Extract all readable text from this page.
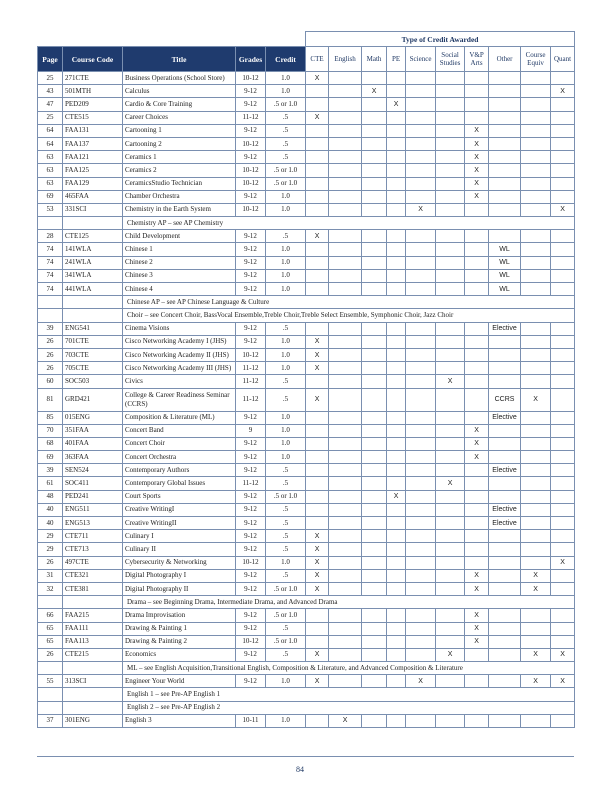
					Type of Credit Awarded									
Page	Course Code	Title	Grades	Credit	CTE	English	Math	PE	Science	Social Studies	V&P Arts	Other	Course Equiv	Quant
25	271CTE	Business Operations (School Store)	10-12	1.0	X									
43	501MTH	Calculus	9-12	1.0			X							X
47	PED209	Cardio & Core Training	9-12	.5 or 1.0				X						
25	CTE515	Career Choices	11-12	.5	X									
64	FAA131	Cartooning 1	9-12	.5							X			
64	FAA137	Cartooning 2	10-12	.5							X			
63	FAA121	Ceramics 1	9-12	.5							X			
63	FAA125	Ceramics 2	10-12	.5 or 1.0							X			
63	FAA129	CeramicsStudio Technician	10-12	.5 or 1.0							X			
69	465FAA	Chamber Orchestra	9-12	1.0							X			
53	331SCI	Chemistry in the Earth System	10-12	1.0					X					X
		Chemistry AP – see AP Chemistry												
28	CTE125	Child Development	9-12	.5	X									
74	141WLA	Chinese 1	9-12	1.0								WL		
74	241WLA	Chinese 2	9-12	1.0								WL		
74	341WLA	Chinese 3	9-12	1.0								WL		
74	441WLA	Chinese 4	9-12	1.0								WL		
		Chinese AP – see AP Chinese Language & Culture												
		Choir – see Concert Choir, BassVocal Ensemble,Treble Choir,Treble Select Ensemble, Symphonic Choir, Jazz Choir												
39	ENG541	Cinema Visions	9-12	.5								Elective		
26	701CTE	Cisco Networking Academy I (JHS)	9-12	1.0	X									
26	703CTE	Cisco Networking Academy II (JHS)	10-12	1.0	X									
26	705CTE	Cisco Networking Academy III (JHS)	11-12	1.0	X									
60	SOC503	Civics	11-12	.5						X				
81	GRD421	College & Career Readiness Seminar (CCRS)	11-12	.5	X							CCRS	X	
85	015ENG	Composition & Literature (ML)	9-12	1.0								Elective		
70	351FAA	Concert Band	9	1.0							X			
68	401FAA	Concert Choir	9-12	1.0							X			
69	363FAA	Concert Orchestra	9-12	1.0							X			
39	SEN524	Contemporary Authors	9-12	.5								Elective		
61	SOC411	Contemporary Global Issues	11-12	.5						X				
48	PED241	Court Sports	9-12	.5 or 1.0				X						
40	ENG511	Creative WritingI	9-12	.5								Elective		
40	ENG513	Creative WritingII	9-12	.5								Elective		
29	CTE711	Culinary I	9-12	.5	X									
29	CTE713	Culinary II	9-12	.5	X									
26	497CTE	Cybersecurity & Networking	10-12	1.0	X									X
31	CTE321	Digital Photography I	9-12	.5	X						X		X	
32	CTE381	Digital Photography II	9-12	.5 or 1.0	X						X		X	
		Drama – see Beginning Drama, Intermediate Drama, and Advanced Drama												
66	FAA215	Drama Improvisation	9-12	.5 or 1.0							X			
65	FAA111	Drawing & Painting 1	9-12	.5							X			
65	FAA113	Drawing & Painting 2	10-12	.5 or 1.0							X			
26	CTE215	Economics	9-12	.5	X					X			X	X
		ML – see English Acquisition,Transitional English, Composition & Literature, and Advanced Composition & Literature												
55	313SCI	Engineer Your World	9-12	1.0	X				X				X	X
		English 1 – see Pre-AP English 1												
		English 2 – see Pre-AP English 2												
37	301ENG	English 3	10-11	1.0		X								
84
